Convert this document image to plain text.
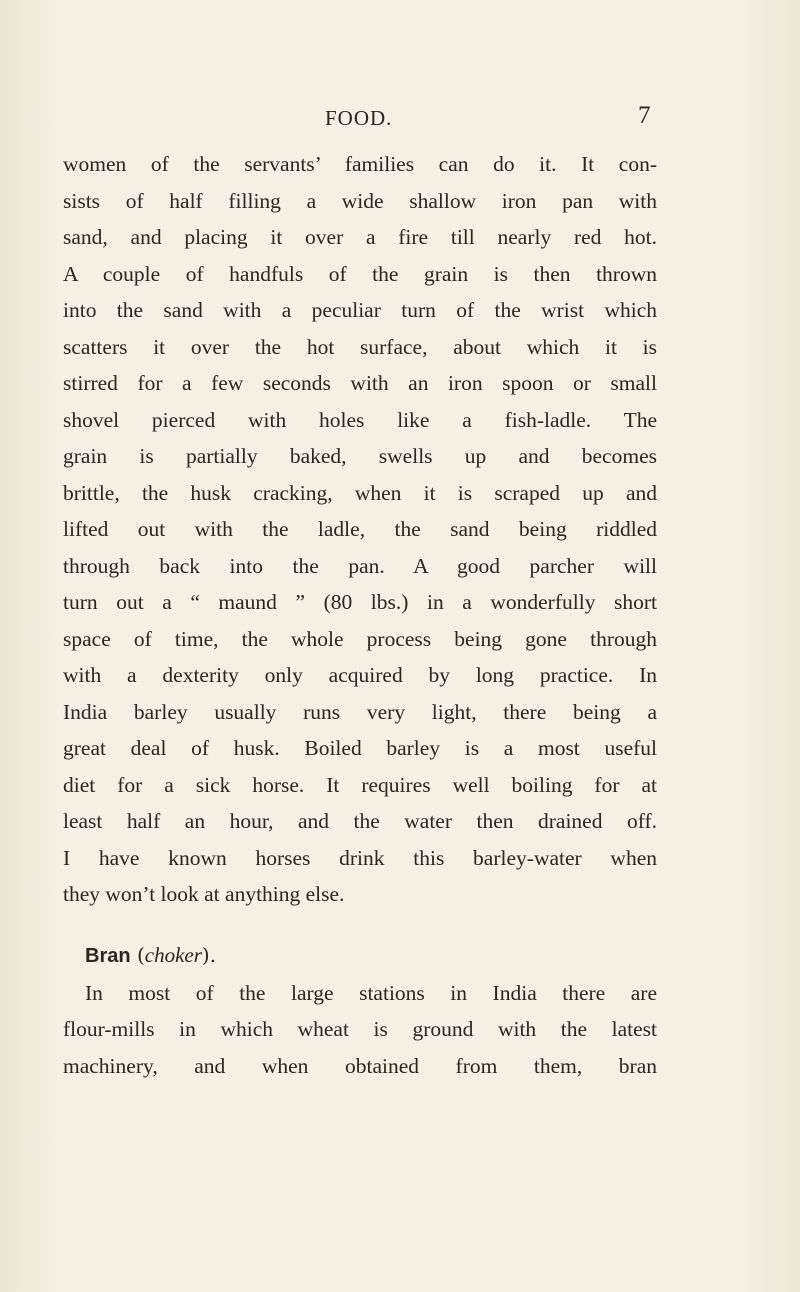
FOOD.	7
women of the servants’ families can do it. It con-
sists of half filling a wide shallow iron pan with
sand, and placing it over a fire till nearly red hot.
A couple of handfuls of the grain is then thrown
into the sand with a peculiar turn of the wrist which
scatters it over the hot surface, about which it is
stirred for a few seconds with an iron spoon or small
shovel pierced with holes like a fish-ladle. The
grain is partially baked, swells up and becomes
brittle, the husk cracking, when it is scraped up and
lifted out with the ladle, the sand being riddled
through back into the pan. A good parcher will
turn out a “ maund ” (80 lbs.) in a wonderfully short
space of time, the whole process being gone through
with a dexterity only acquired by long practice. In
India barley usually runs very light, there being a
great deal of husk. Boiled barley is a most useful
diet for a sick horse. It requires well boiling for at
least half an hour, and the water then drained off.
I have known horses drink this barley-water when
they won’t look at anything else.
Bran (choker).
In most of the large stations in India there are
flour-mills in which wheat is ground with the latest
machinery, and when obtained from them, bran
